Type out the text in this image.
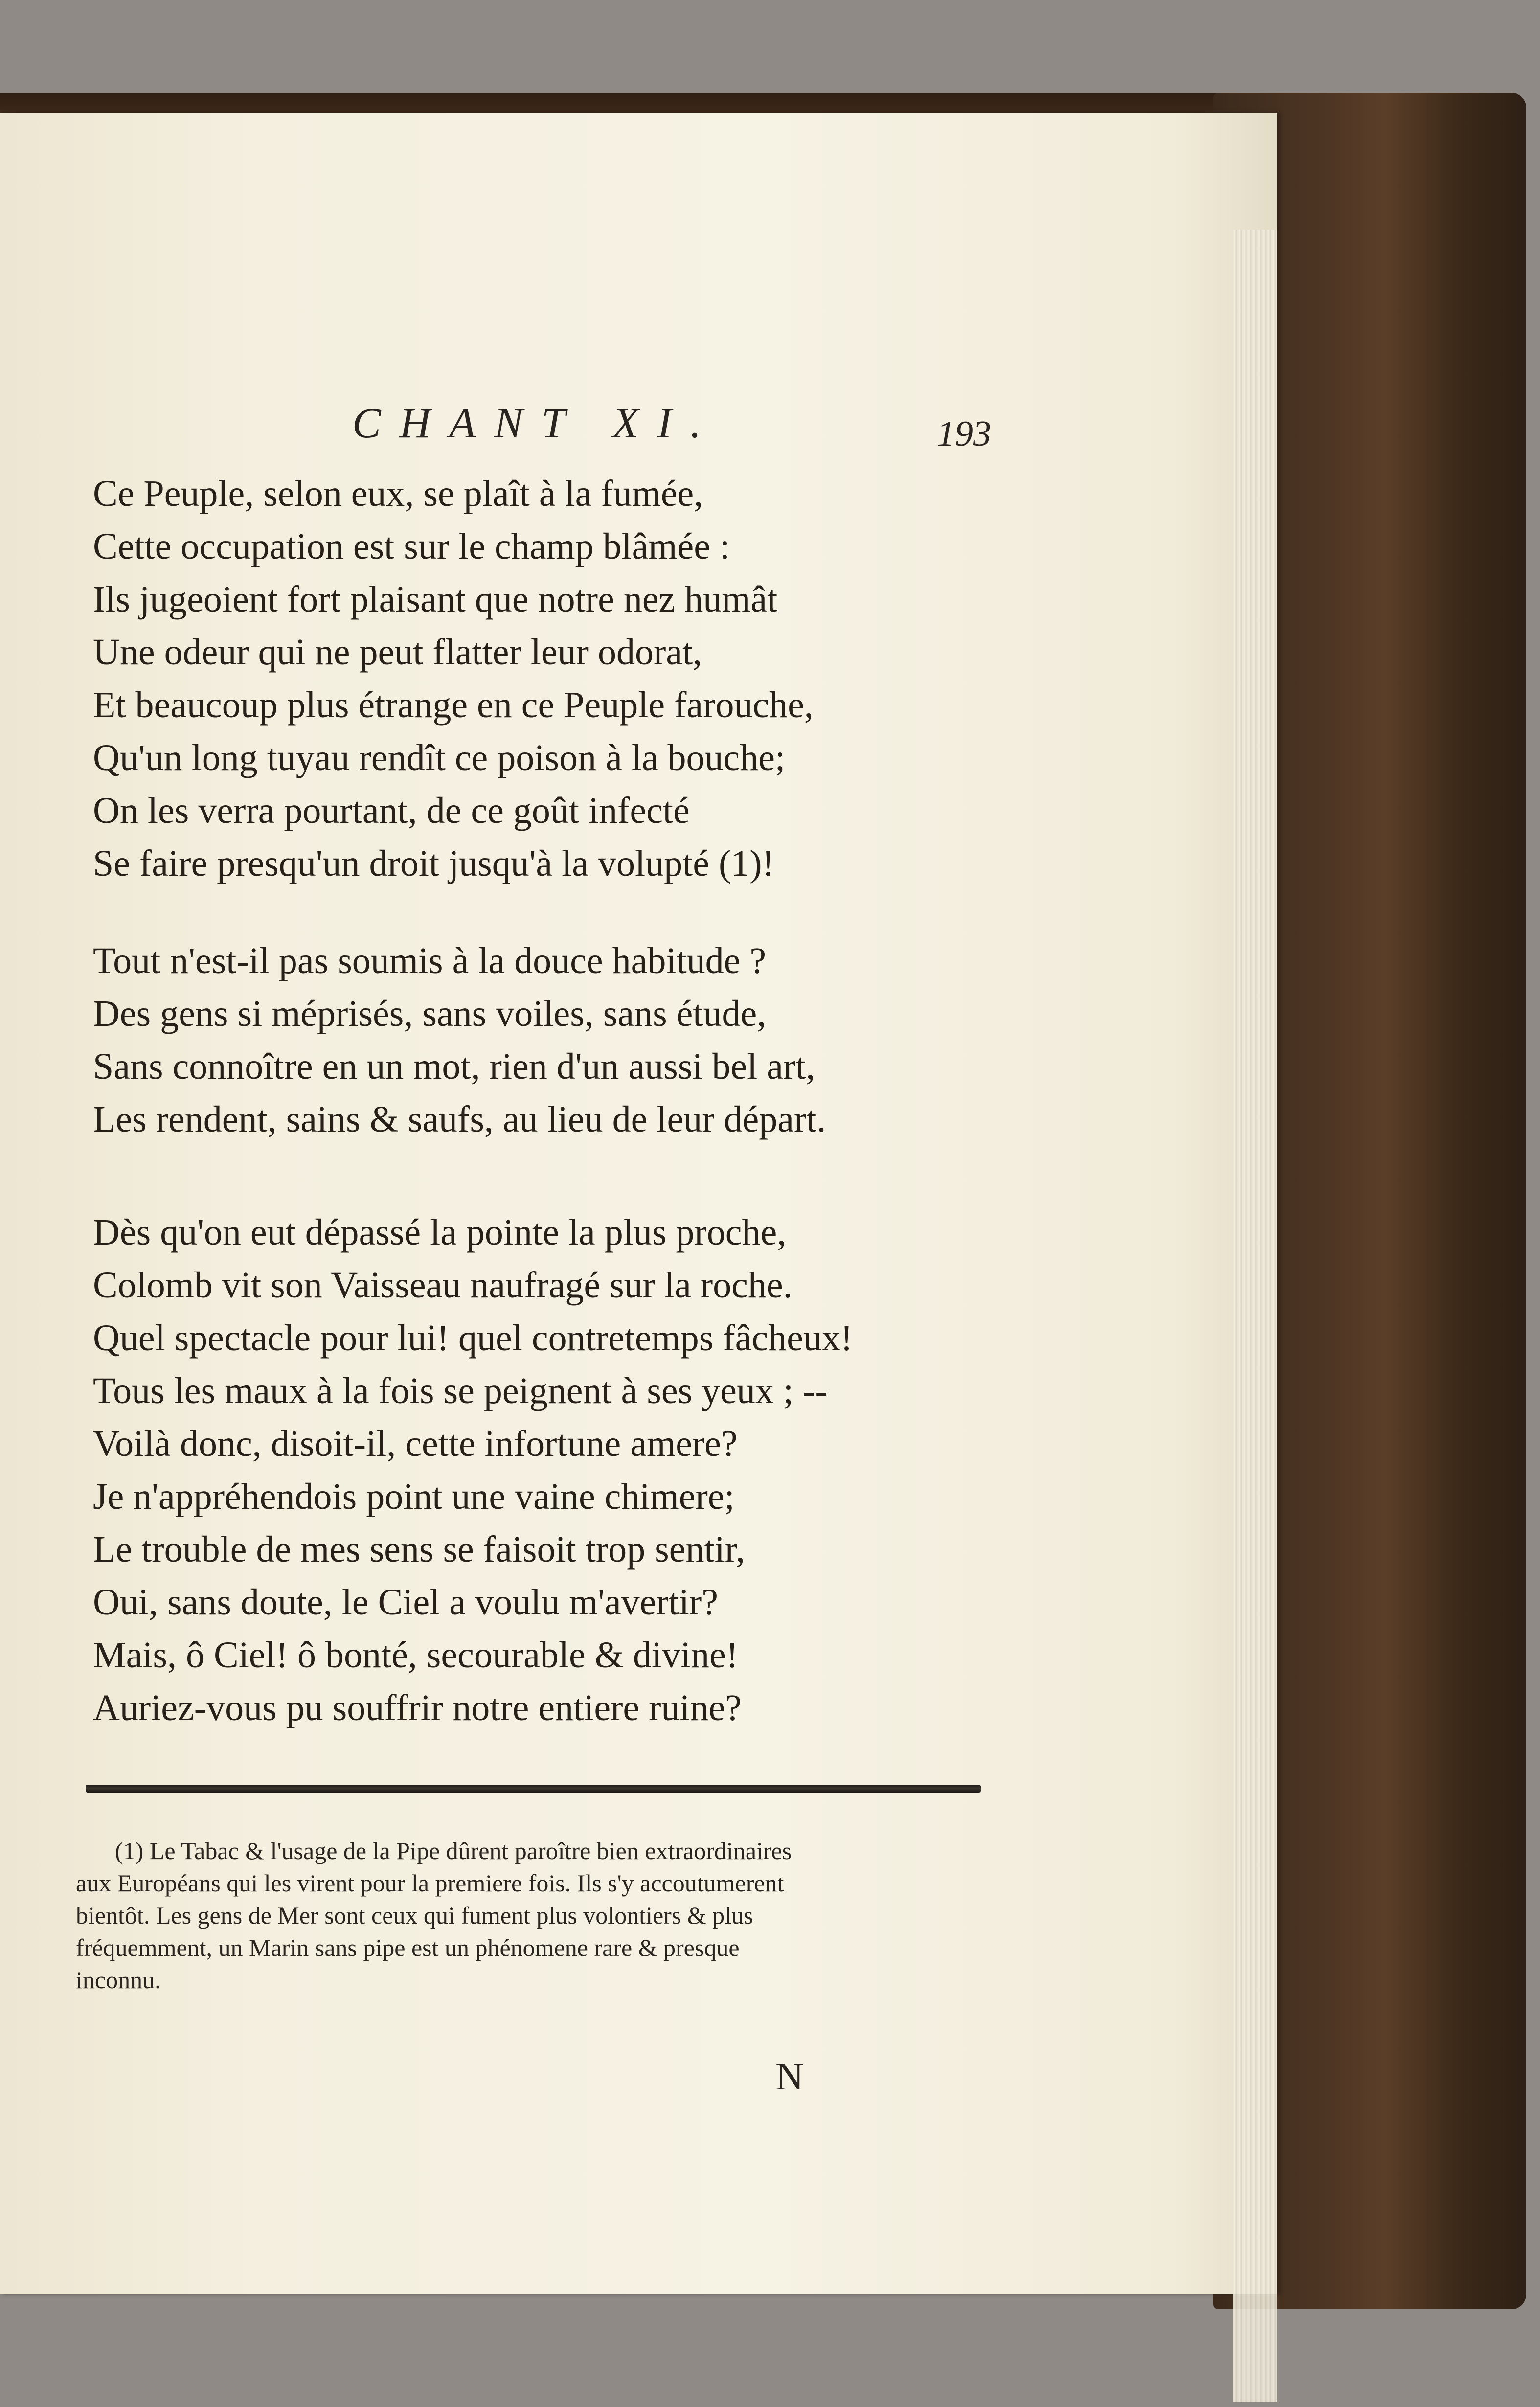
CHANT XI.	193
Ce Peuple, selon eux, se plaît à la fumée,
Cette occupation est sur le champ blâmée :
Ils jugeoient fort plaisant que notre nez humât
Une odeur qui ne peut flatter leur odorat,
Et beaucoup plus étrange en ce Peuple farouche,
Qu'un long tuyau rendît ce poison à la bouche;
On les verra pourtant, de ce goût infecté
Se faire presqu'un droit jusqu'à la volupté (1)!
Tout n'est-il pas soumis à la douce habitude ?
Des gens si méprisés, sans voiles, sans étude,
Sans connoître en un mot, rien d'un aussi bel art,
Les rendent, sains & saufs, au lieu de leur départ.
Dès qu'on eut dépassé la pointe la plus proche,
Colomb vit son Vaisseau naufragé sur la roche.
Quel spectacle pour lui! quel contretemps fâcheux!
Tous les maux à la fois se peignent à ses yeux ; --
Voilà donc, disoit-il, cette infortune amere?
Je n'appréhendois point une vaine chimere;
Le trouble de mes sens se faisoit trop sentir,
Oui, sans doute, le Ciel a voulu m'avertir?
Mais, ô Ciel! ô bonté, secourable & divine!
Auriez-vous pu souffrir notre entiere ruine?
(1) Le Tabac & l'usage de la Pipe dûrent paroître bien extraordinaires
aux Européans qui les virent pour la premiere fois. Ils s'y accoutumerent
bientôt. Les gens de Mer sont ceux qui fument plus volontiers & plus
fréquemment, un Marin sans pipe est un phénomene rare & presque
inconnu.
N
